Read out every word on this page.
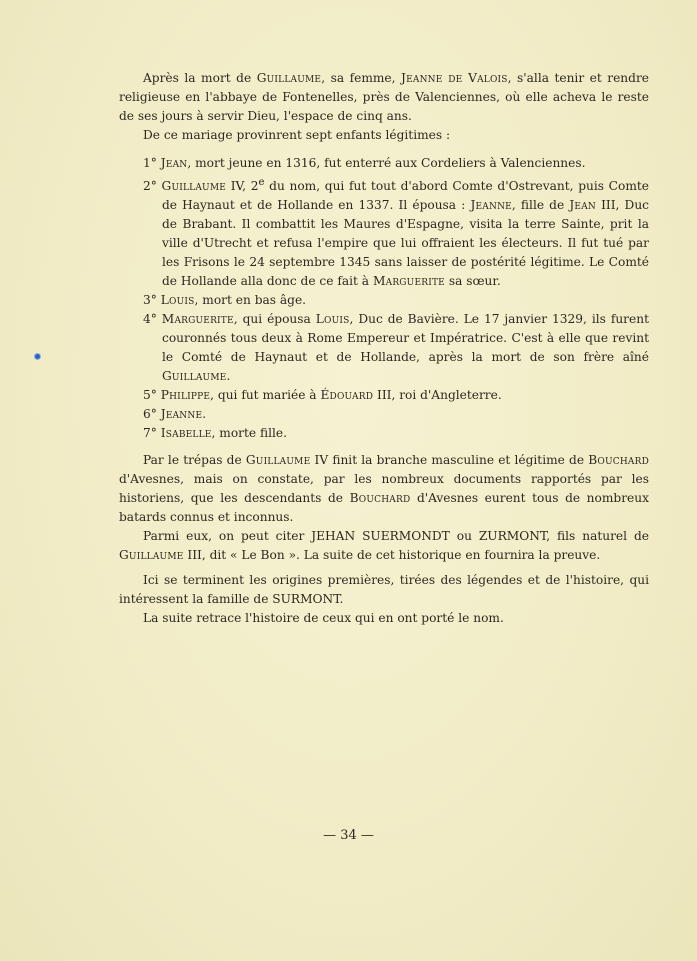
Après la mort de Guillaume, sa femme, Jeanne de Valois, s'alla tenir et rendre religieuse en l'abbaye de Fontenelles, près de Valenciennes, où elle acheva le reste de ses jours à servir Dieu, l'espace de cinq ans.

De ce mariage provinrent sept enfants légitimes :

1° Jean, mort jeune en 1316, fut enterré aux Cordeliers à Valenciennes.
2° Guillaume IV, 2e du nom, qui fut tout d'abord Comte d'Ostrevant, puis Comte de Haynaut et de Hollande en 1337. Il épousa : Jeanne, fille de Jean III, Duc de Brabant. Il combattit les Maures d'Espagne, visita la terre Sainte, prit la ville d'Utrecht et refusa l'empire que lui offraient les électeurs. Il fut tué par les Frisons le 24 septembre 1345 sans laisser de postérité légitime. Le Comté de Hollande alla donc de ce fait à Marguerite sa sœur.
3° Louis, mort en bas âge.
4° Marguerite, qui épousa Louis, Duc de Bavière. Le 17 janvier 1329, ils furent couronnés tous deux à Rome Empereur et Impératrice. C'est à elle que revint le Comté de Haynaut et de Hollande, après la mort de son frère aîné Guillaume.
5° Philippe, qui fut mariée à Édouard III, roi d'Angleterre.
6° Jeanne.
7° Isabelle, morte fille.

Par le trépas de Guillaume IV finit la branche masculine et légitime de Bouchard d'Avesnes, mais on constate, par les nombreux documents rapportés par les historiens, que les descendants de Bouchard d'Avesnes eurent tous de nombreux batards connus et inconnus.

Parmi eux, on peut citer JEHAN SUERMONDT ou ZURMONT, fils naturel de Guillaume III, dit « Le Bon ». La suite de cet historique en fournira la preuve.

Ici se terminent les origines premières, tirées des légendes et de l'histoire, qui intéressent la famille de SURMONT.

La suite retrace l'histoire de ceux qui en ont porté le nom.

— 34 —
